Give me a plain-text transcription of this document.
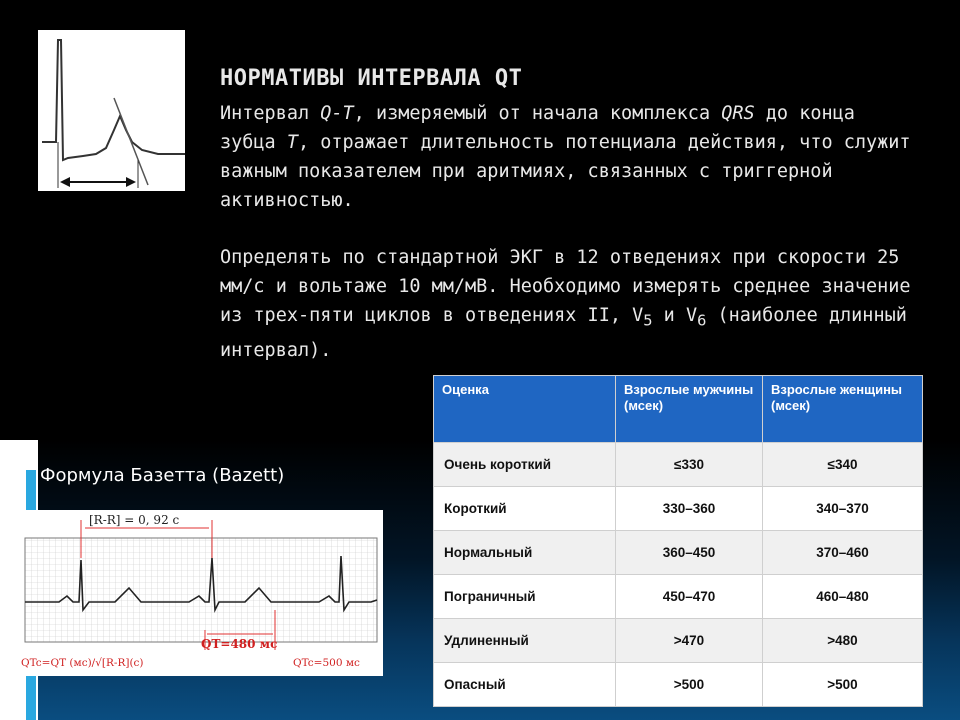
НОРМАТИВЫ ИНТЕРВАЛА QT
Интервал Q-T, измеряемый от начала комплекса QRS до конца зубца T, отражает длительность потенциала действия, что служит важным показателем при аритмиях, связанных с триггерной активностью.
Определять по стандартной ЭКГ в 12 отведениях при скорости 25 мм/с и вольтаже 10 мм/мВ. Необходимо измерять среднее значение из трех-пяти циклов в отведениях II, $V_5$ и $V_6$ (наиболее длинный интервал).
Формула Базетта (Bazett)
[R-R] = 0, 92 с
QT=480 мс
QTc=QT (мс)/√[R-R](с)	QTc=500 мс
Оценка	Взрослые мужчины (мсек)	Взрослые женщины (мсек)
Очень короткий	≤330	≤340
Короткий	330–360	340–370
Нормальный	360–450	370–460
Пограничный	450–470	460–480
Удлиненный	>470	>480
Опасный	>500	>500
